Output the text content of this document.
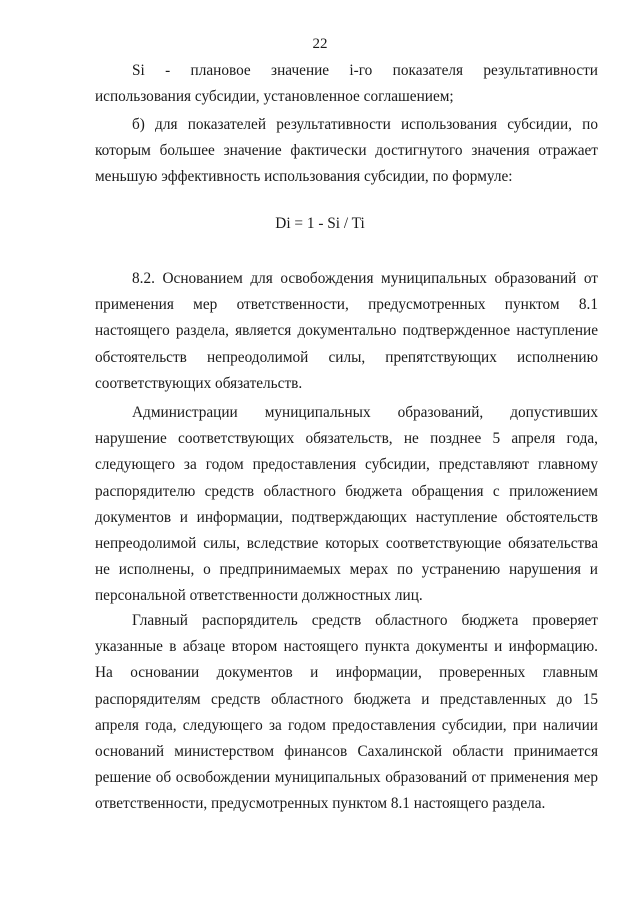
22

Si - плановое значение i-го показателя результативности использования субсидии, установленное соглашением;

б) для показателей результативности использования субсидии, по которым большее значение фактически достигнутого значения отражает меньшую эффективность использования субсидии, по формуле:

Di = 1 - Si / Ti

8.2. Основанием для освобождения муниципальных образований от применения мер ответственности, предусмотренных пунктом 8.1 настоящего раздела, является документально подтвержденное наступление обстоятельств непреодолимой силы, препятствующих исполнению соответствующих обязательств.

Администрации муниципальных образований, допустивших нарушение соответствующих обязательств, не позднее 5 апреля года, следующего за годом предоставления субсидии, представляют главному распорядителю средств областного бюджета обращения с приложением документов и информации, подтверждающих наступление обстоятельств непреодолимой силы, вследствие которых соответствующие обязательства не исполнены, о предпринимаемых мерах по устранению нарушения и персональной ответственности должностных лиц.

Главный распорядитель средств областного бюджета проверяет указанные в абзаце втором настоящего пункта документы и информацию. На основании документов и информации, проверенных главным распорядителям средств областного бюджета и представленных до 15 апреля года, следующего за годом предоставления субсидии, при наличии оснований министерством финансов Сахалинской области принимается решение об освобождении муниципальных образований от применения мер ответственности, предусмотренных пунктом 8.1 настоящего раздела.
